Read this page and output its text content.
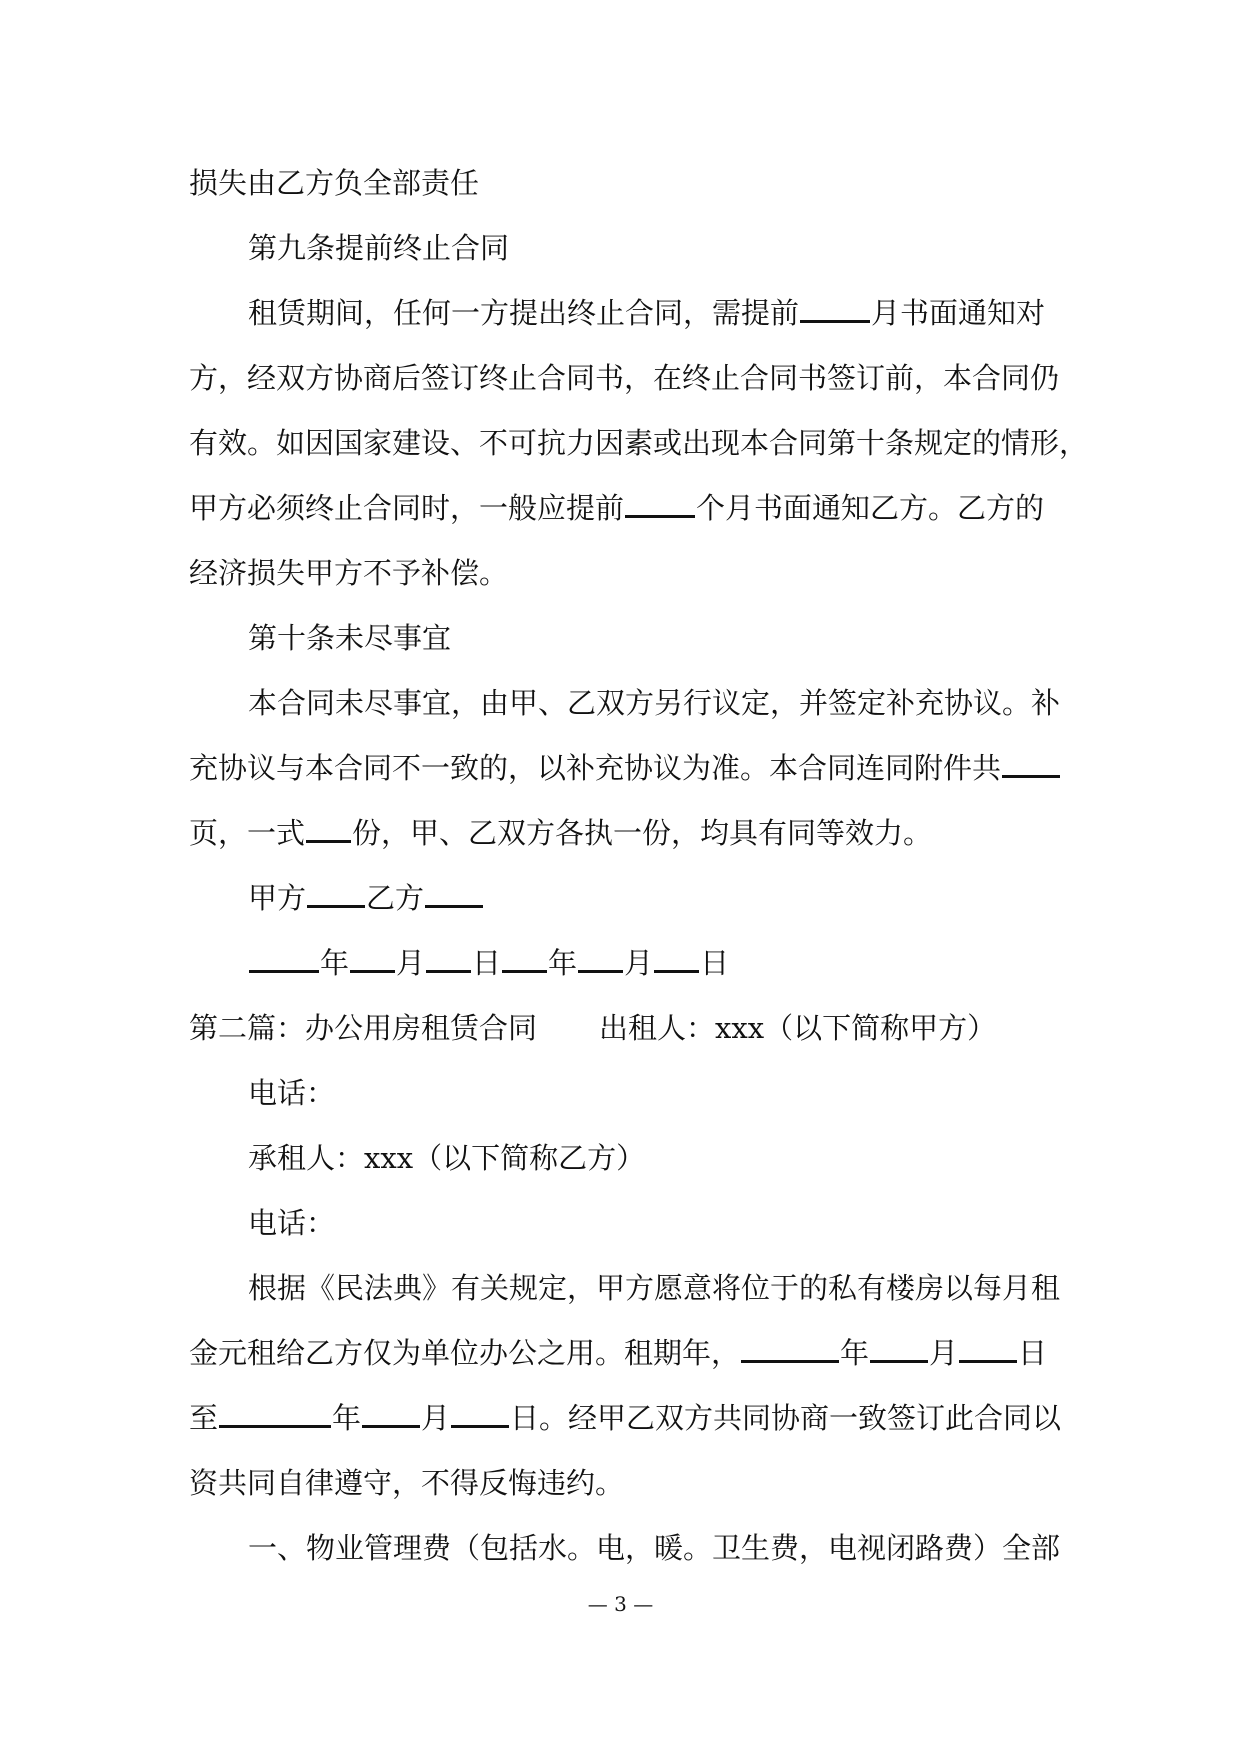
损失由乙方负全部责任
第九条提前终止合同
租赁期间，任何一方提出终止合同，需提前 月书面通知对
方，经双方协商后签订终止合同书，在终止合同书签订前，本合同仍
有效。如因国家建设、不可抗力因素或出现本合同第十条规定的情形，
甲方必须终止合同时，一般应提前 个月书面通知乙方。乙方的
经济损失甲方不予补偿。
第十条未尽事宜
本合同未尽事宜，由甲、乙双方另行议定，并签定补充协议。补
充协议与本合同不一致的，以补充协议为准。本合同连同附件共
页，一式 份，甲、乙双方各执一份，均具有同等效力。
甲方 乙方
年 月 日 年 月 日
第二篇：办公用房租赁合同 出租人：xxx（以下简称甲方）
电话：
承租人：xxx（以下简称乙方）
电话：
根据《民法典》有关规定，甲方愿意将位于的私有楼房以每月租
金元租给乙方仅为单位办公之用。租期年，	年 月 日
至	年 月 日。经甲乙双方共同协商一致签订此合同以
资共同自律遵守，不得反悔违约。
一、物业管理费（包括水。电，暖。卫生费，电视闭路费）全部
— 3 —
